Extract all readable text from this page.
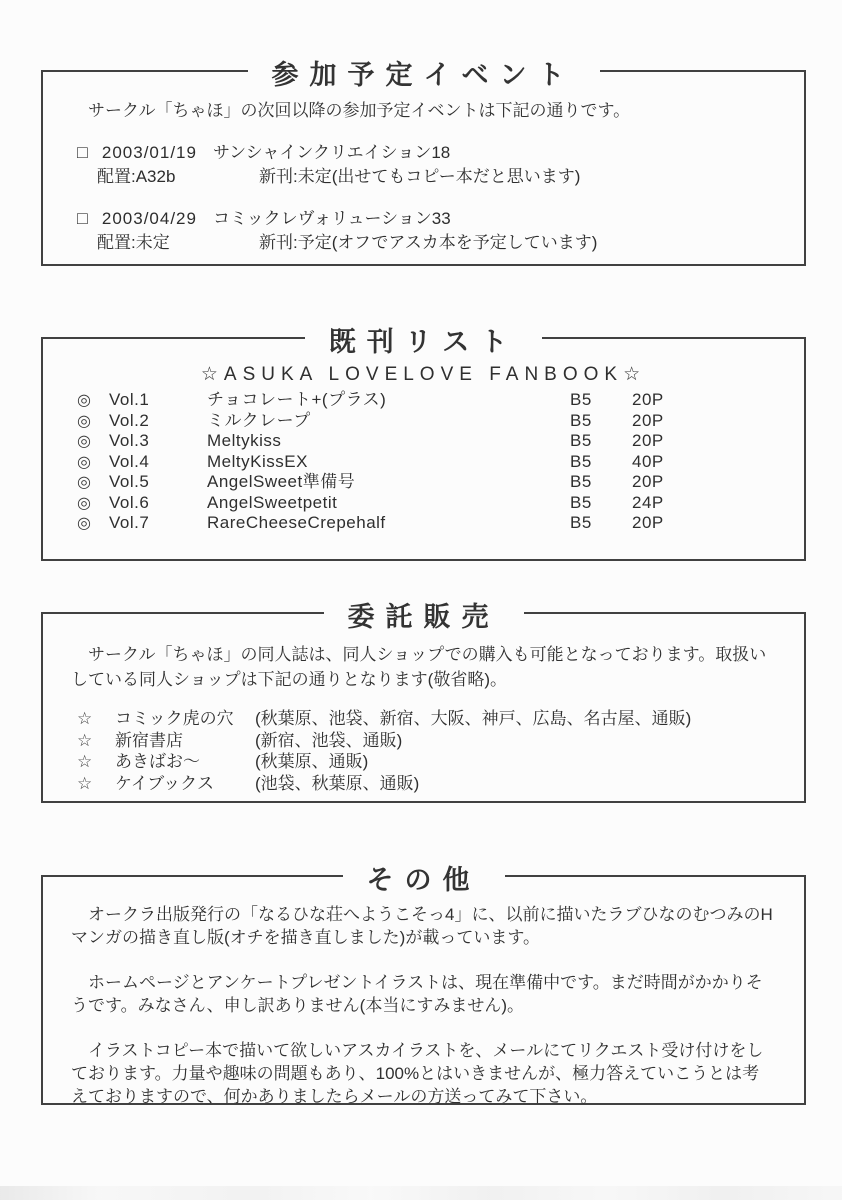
参加予定イベント

サークル「ちゃほ」の次回以降の参加予定イベントは下記の通りです。

□ 2003/01/19 サンシャインクリエイション18
配置:A32b	新刊:未定(出せてもコピー本だと思います)
□ 2003/04/29 コミックレヴォリューション33
配置:未定	新刊:予定(オフでアスカ本を予定しています)
既刊リスト
☆ASUKA LOVELOVE FANBOOK☆
◎	Vol.1	チョコレート+(プラス)	B5	20P
◎	Vol.2	ミルクレープ	B5	20P
◎	Vol.3	Meltykiss	B5	20P
◎	Vol.4	MeltyKissEX	B5	40P
◎	Vol.5	AngelSweet準備号	B5	20P
◎	Vol.6	AngelSweetpetit	B5	24P
◎	Vol.7	RareCheeseCrepehalf	B5	20P
委託販売

サークル「ちゃほ」の同人誌は、同人ショップでの購入も可能となっております。取扱いしている同人ショップは下記の通りとなります(敬省略)。

☆	コミック虎の穴	(秋葉原、池袋、新宿、大阪、神戸、広島、名古屋、通販)
☆	新宿書店	(新宿、池袋、通販)
☆	あきばお〜	(秋葉原、通販)
☆	ケイブックス	(池袋、秋葉原、通販)
その他

オークラ出版発行の「なるひな荘へようこそっ4」に、以前に描いたラブひなのむつみのHマンガの描き直し版(オチを描き直しました)が載っています。

ホームページとアンケートプレゼントイラストは、現在準備中です。まだ時間がかかりそうです。みなさん、申し訳ありません(本当にすみません)。

イラストコピー本で描いて欲しいアスカイラストを、メールにてリクエスト受け付けをしております。力量や趣味の問題もあり、100%とはいきませんが、極力答えていこうとは考えておりますので、何かありましたらメールの方送ってみて下さい。
